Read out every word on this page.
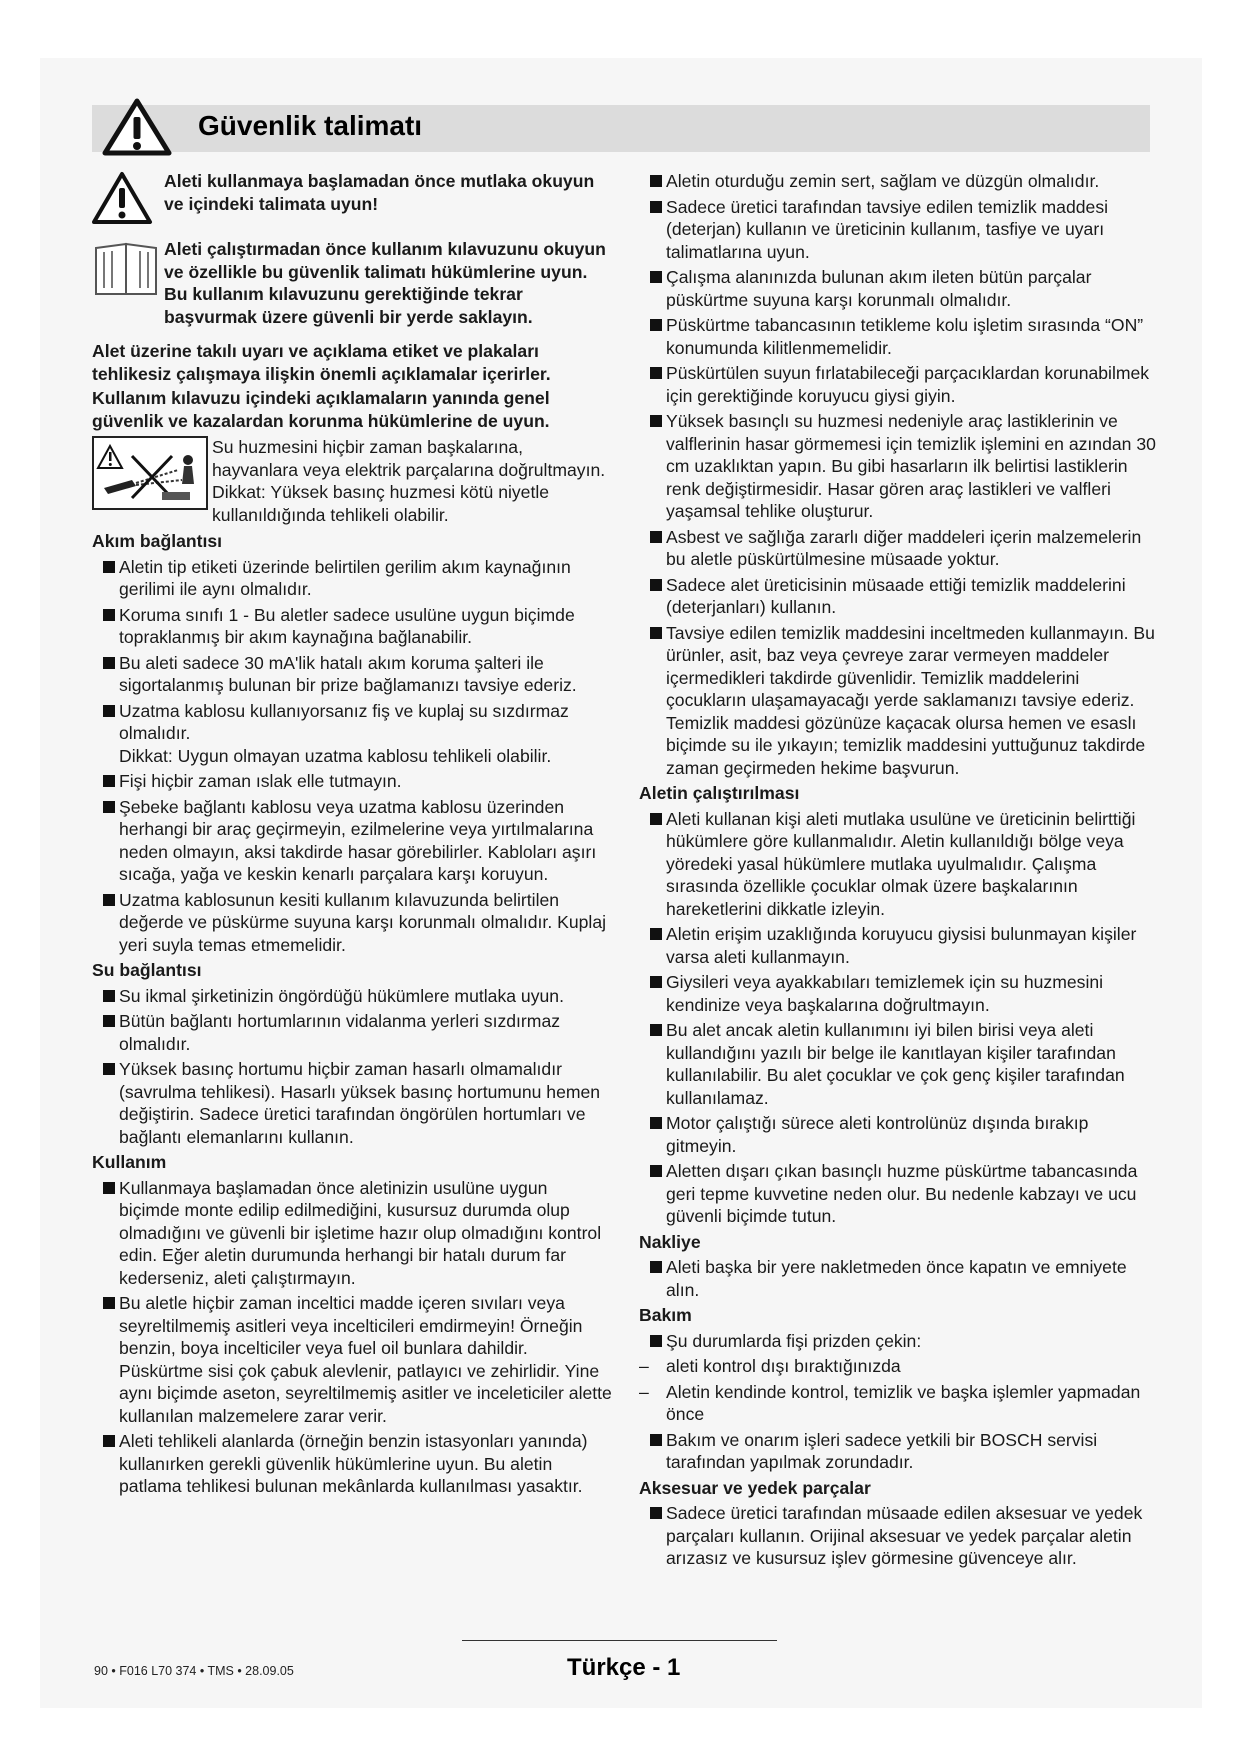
Güvenlik talimatı
Aleti kullanmaya başlamadan önce mutlaka okuyun ve içindeki talimata uyun!
Aleti çalıştırmadan önce kullanım kılavuzunu okuyun ve özellikle bu güvenlik talimatı hükümlerine uyun. Bu kullanım kılavuzunu gerektiğinde tekrar başvurmak üzere güvenli bir yerde saklayın.

Alet üzerine takılı uyarı ve açıklama etiket ve plakaları tehlikesiz çalışmaya ilişkin önemli açıklamalar içerirler.

Kullanım kılavuzu içindeki açıklamaların yanında genel güvenlik ve kazalardan korunma hükümlerine de uyun.

Su huzmesini hiçbir zaman başkalarına, hayvanlara veya elektrik parçalarına doğrultmayın.
Dikkat: Yüksek basınç huzmesi kötü niyetle kullanıldığında tehlikeli olabilir.
Akım bağlantısı
Aletin tip etiketi üzerinde belirtilen gerilim akım kaynağının gerilimi ile aynı olmalıdır.
Koruma sınıfı 1 - Bu aletler sadece usulüne uygun biçimde topraklanmış bir akım kaynağına bağlanabilir.
Bu aleti sadece 30 mA'lik hatalı akım koruma şalteri ile sigortalanmış bulunan bir prize bağlamanızı tavsiye ederiz.
Uzatma kablosu kullanıyorsanız fiş ve kuplaj su sızdırmaz olmalıdır.
Dikkat: Uygun olmayan uzatma kablosu tehlikeli olabilir.
Fişi hiçbir zaman ıslak elle tutmayın.
Şebeke bağlantı kablosu veya uzatma kablosu üzerinden herhangi bir araç geçirmeyin, ezilmelerine veya yırtılmalarına neden olmayın, aksi takdirde hasar görebilirler. Kabloları aşırı sıcağa, yağa ve keskin kenarlı parçalara karşı koruyun.
Uzatma kablosunun kesiti kullanım kılavuzunda belirtilen değerde ve püskürme suyuna karşı korunmalı olmalıdır. Kuplaj yeri suyla temas etmemelidir.
Su bağlantısı
Su ikmal şirketinizin öngördüğü hükümlere mutlaka uyun.
Bütün bağlantı hortumlarının vidalanma yerleri sızdırmaz olmalıdır.
Yüksek basınç hortumu hiçbir zaman hasarlı olmamalıdır (savrulma tehlikesi). Hasarlı yüksek basınç hortumunu hemen değiştirin. Sadece üretici tarafından öngörülen hortumları ve bağlantı elemanlarını kullanın.
Kullanım
Kullanmaya başlamadan önce aletinizin usulüne uygun biçimde monte edilip edilmediğini, kusursuz durumda olup olmadığını ve güvenli bir işletime hazır olup olmadığını kontrol edin. Eğer aletin durumunda herhangi bir hatalı durum far kederseniz, aleti çalıştırmayın.
Bu aletle hiçbir zaman inceltici madde içeren sıvıları veya seyreltilmemiş asitleri veya incelticileri emdirmeyin! Örneğin benzin, boya incelticiler veya fuel oil bunlara dahildir. Püskürtme sisi çok çabuk alevlenir, patlayıcı ve zehirlidir. Yine aynı biçimde aseton, seyreltilmemiş asitler ve inceleticiler alette kullanılan malzemelere zarar verir.
Aleti tehlikeli alanlarda (örneğin benzin istasyonları yanında) kullanırken gerekli güvenlik hükümlerine uyun. Bu aletin patlama tehlikesi bulunan mekânlarda kullanılması yasaktır.
Aletin oturduğu zemin sert, sağlam ve düzgün olmalıdır.
Sadece üretici tarafından tavsiye edilen temizlik maddesi (deterjan) kullanın ve üreticinin kullanım, tasfiye ve uyarı talimatlarına uyun.
Çalışma alanınızda bulunan akım ileten bütün parçalar püskürtme suyuna karşı korunmalı olmalıdır.
Püskürtme tabancasının tetikleme kolu işletim sırasında “ON” konumunda kilitlenmemelidir.
Püskürtülen suyun fırlatabileceği parçacıklardan korunabilmek için gerektiğinde koruyucu giysi giyin.
Yüksek basınçlı su huzmesi nedeniyle araç lastiklerinin ve valflerinin hasar görmemesi için temizlik işlemini en azından 30 cm uzaklıktan yapın. Bu gibi hasarların ilk belirtisi lastiklerin renk değiştirmesidir. Hasar gören araç lastikleri ve valfleri yaşamsal tehlike oluşturur.
Asbest ve sağlığa zararlı diğer maddeleri içerin malzemelerin bu aletle püskürtülmesine müsaade yoktur.
Sadece alet üreticisinin müsaade ettiği temizlik maddelerini (deterjanları) kullanın.
Tavsiye edilen temizlik maddesini inceltmeden kullanmayın. Bu ürünler, asit, baz veya çevreye zarar vermeyen maddeler içermedikleri takdirde güvenlidir. Temizlik maddelerini çocukların ulaşamayacağı yerde saklamanızı tavsiye ederiz. Temizlik maddesi gözünüze kaçacak olursa hemen ve esaslı biçimde su ile yıkayın; temizlik maddesini yuttuğunuz takdirde zaman geçirmeden hekime başvurun.
Aletin çalıştırılması
Aleti kullanan kişi aleti mutlaka usulüne ve üreticinin belirttiği hükümlere göre kullanmalıdır. Aletin kullanıldığı bölge veya yöredeki yasal hükümlere mutlaka uyulmalıdır. Çalışma sırasında özellikle çocuklar olmak üzere başkalarının hareketlerini dikkatle izleyin.
Aletin erişim uzaklığında koruyucu giysisi bulunmayan kişiler varsa aleti kullanmayın.
Giysileri veya ayakkabıları temizlemek için su huzmesini kendinize veya başkalarına doğrultmayın.
Bu alet ancak aletin kullanımını iyi bilen birisi veya aleti kullandığını yazılı bir belge ile kanıtlayan kişiler tarafından kullanılabilir. Bu alet çocuklar ve çok genç kişiler tarafından kullanılamaz.
Motor çalıştığı sürece aleti kontrolünüz dışında bırakıp gitmeyin.
Aletten dışarı çıkan basınçlı huzme püskürtme tabancasında geri tepme kuvvetine neden olur. Bu nedenle kabzayı ve ucu güvenli biçimde tutun.
Nakliye
Aleti başka bir yere nakletmeden önce kapatın ve emniyete alın.
Bakım
Şu durumlarda fişi prizden çekin:
– aleti kontrol dışı bıraktığınızda
– Aletin kendinde kontrol, temizlik ve başka işlemler yapmadan önce
Bakım ve onarım işleri sadece yetkili bir BOSCH servisi tarafından yapılmak zorundadır.
Aksesuar ve yedek parçalar
Sadece üretici tarafından müsaade edilen aksesuar ve yedek parçaları kullanın. Orijinal aksesuar ve yedek parçalar aletin arızasız ve kusursuz işlev görmesine güvenceye alır.
90 • F016 L70 374 • TMS • 28.09.05	Türkçe - 1
